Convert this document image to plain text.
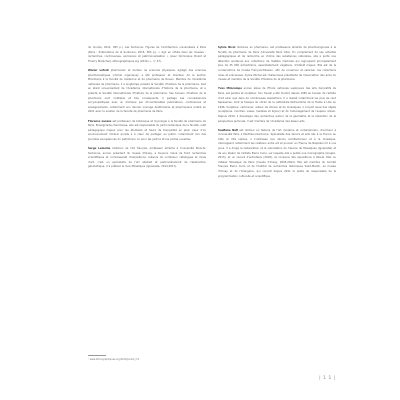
du monde, 2011, 365 p.). Les Sorbonne. Figures de l'architecture universitaire à Paris (Paris : Publications de la Sorbonne, 2015, 365 p.), « Agir en réfute dans les musées : recherches, controverses, exclusions et patrimonialisation » (avec Dominique Poulot et Thierry Maréchal), ethnographiques.org (2014) », n° 47).

Olivier Lafont pharmacien et docteur ès sciences physiques, agrégé des sciences pharmaceutiques (chimie organique), a été professeur et directeur de la section Pharmacie à la faculté de médecine et de pharmacie de Rouen. Membre de l'Académie nationale de pharmacie, il a longtemps présidé la Société d'histoire de la pharmacie, tout en étant vice-président de l'Académie internationale d'histoire de la pharmacie, et a présidé la Société internationale d'histoire de la pharmacie. Ses travaux d'histoire de la pharmacie sont multiples et très conséquents. Il partage ses connaissances encyclopédiques avec un domaine par d'innombrables publications, conférences et enseignements, notamment son dernier ouvrage Apothicaires et pharmaciens publié en 2021 avec le soutien de la faculté de pharmacie de Paris.

Florence Lacaze est professeur de botanique et mycologie à la faculté de pharmacie de Paris. Enseignante-chercheuse, elle est responsable du jardin botanique de la faculté, outil pédagogique majeur pour les étudiants et havre de tranquillité en plein cœur d'un environnement minéral qu'elle a à cœur de partager au public, notamment lors des Journées européennes du patrimoine ou pour les jardins et les portes ouvertes.

Serge Lemoine historien de l'art français, professeur émérite à l'université Paris-IV-Sorbonne, ancien président du musée d'Orsay, a toujours mené de front recherches scientifiques et commissariat d'expositions. Auteurs de nombreux catalogues et livres d'art, c'est un spécialiste de l'art abstrait et particulièrement de l'abstraction géométrique. Il a préfacé le livre Mosaïques (Iguazuste, 2014-2017).

Sylvie Nicol docteure en pharmacie, est professeure émérite de pharmacognosie à la faculté de pharmacie de Paris (Université Paris Cité). En complément de ses activités pédagogiques et de recherche en chimie des substances naturelles, elle a porté une attention soutenue aux collections de matière médicale qui regroupent principalement plus de 25 000 échantillons, essentiellement végétaux, d'intérêt majeur. Elle est de la conservatrice de musée François-Tillaison, afin de conserver et valoriser ces collections rares et précieuses. Sylvie Michel est chaleureuse présidente de l'Association des amis du musée et membre de la Société d'histoire de la pharmacie.

Yves Milocampo ancien élève de l'École nationale supérieure des arts décoratifs de Paris, est peintre et sculpteur. Son travail a été montré depuis 1995 au bureau de l'artiste d'art ainsi que dans de nombreuses expositions. Il a réalisé notamment les plus de cent tapisseries, dont la fresque du vitrail de la cathédrale Notre-Dame de la Treille à Lille en 1996. Sculpteur, cartonnier, auteur de vitraux et de mosaïques, il conçoit aussi des objets (sculptures, montres, vases, meubles et bijoux) et de l'aménagement de l'espace urbain. Depuis 2019, il développe des recherches autour de la géométrie et la résolution de la perspective picturale. Il est membre de l'Académie des beaux-arts.

Soufiane Nafi est docteur en histoire de l'art moderne et contemporain, chercheur à l'université Paris 1 Panthéon-Sorbonne. Spécialiste des décors et arts liés à la France au XIXe et XXe siècles, il s'intéresse aux décors architecturaux et à la mosaïque, interrogeant notamment les relations entre art et pouvoir en France de Napoléon III à nos jours. Il a dirigé la restauration et la valorisation de l'œuvre de Mosaïques (Iguazuste) et de son atelier de l'artiste Pierre Curie, sur laquelle elle a publié une monographie (Gingko, 2013), et un recueil d'entretiens (2018), et consacré des expositions à Pascal Ozal ou l'atelier Mosaïque de Paris (musée d'Orsay, 2005-2024). Elle est membre du Comité français Pierre Curie et de l'Institut de recherches historiques Saint-Martin, au musée d'Orsay et de l'Orangerie, qui conçoit depuis 2011 le poste de responsable de la programmation culturelle et scientifique.

¹ www.ethnographiques.org/2014/poulot_m1
| 1 1 |
